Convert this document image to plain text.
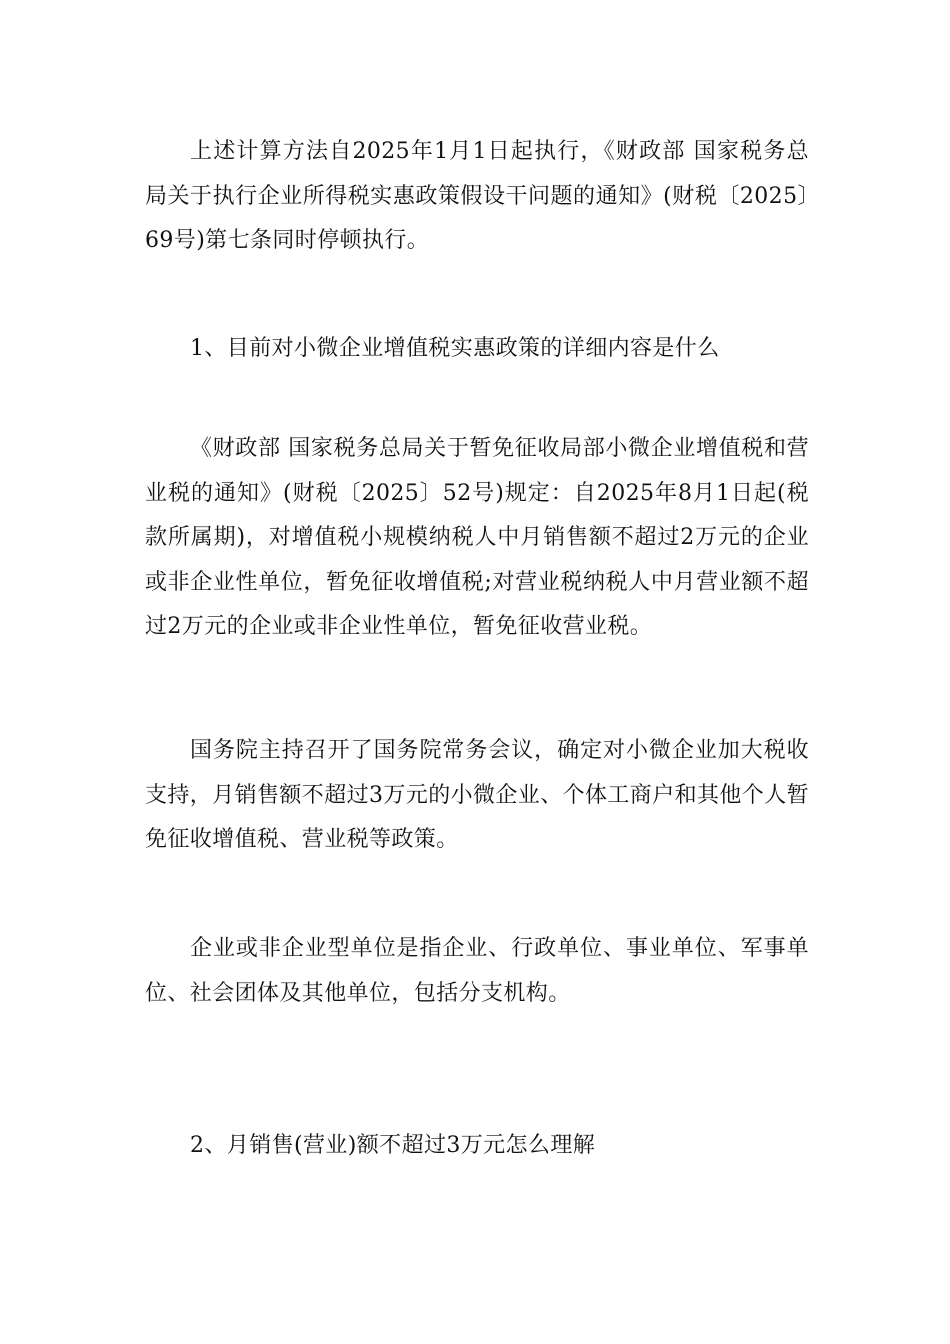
上述计算方法自2025年1月1日起执行，《财政部 国家税务总局关于执行企业所得税实惠政策假设干问题的通知》(财税〔2025〕69号)第七条同时停顿执行。

1、目前对小微企业增值税实惠政策的详细内容是什么

《财政部 国家税务总局关于暂免征收局部小微企业增值税和营业税的通知》(财税〔2025〕52号)规定：自2025年8月1日起(税款所属期)，对增值税小规模纳税人中月销售额不超过2万元的企业或非企业性单位，暂免征收增值税;对营业税纳税人中月营业额不超过2万元的企业或非企业性单位，暂免征收营业税。

国务院主持召开了国务院常务会议，确定对小微企业加大税收支持，月销售额不超过3万元的小微企业、个体工商户和其他个人暂免征收增值税、营业税等政策。

企业或非企业型单位是指企业、行政单位、事业单位、军事单位、社会团体及其他单位，包括分支机构。

2、月销售(营业)额不超过3万元怎么理解
